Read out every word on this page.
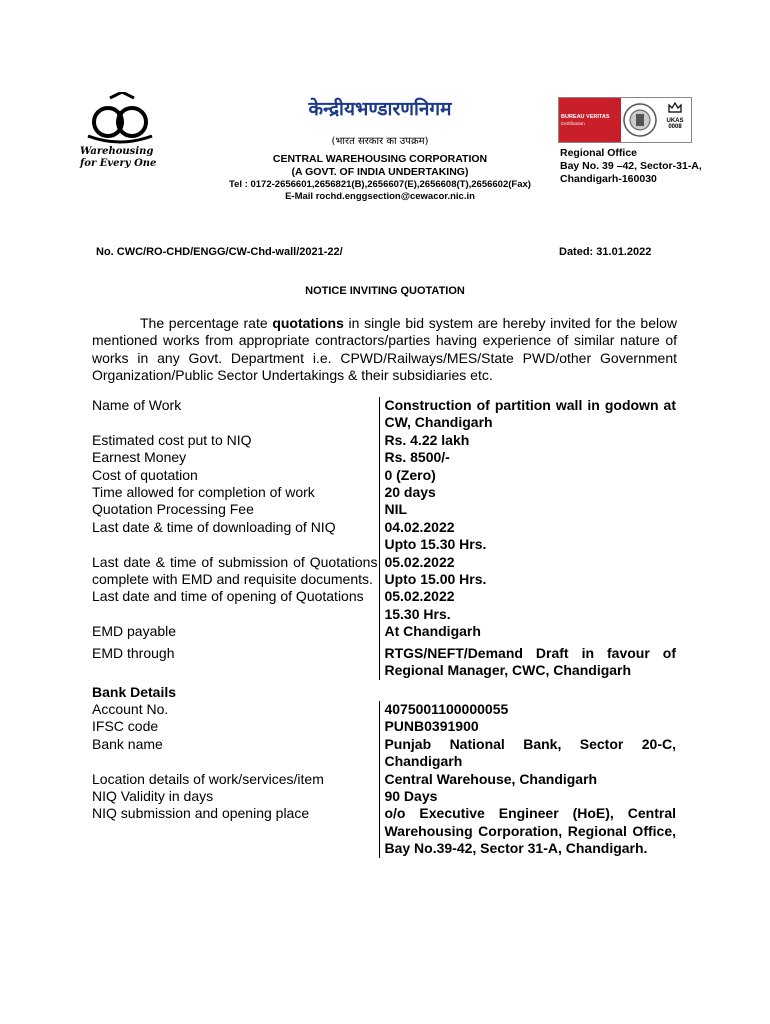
Warehousing
for Every One
केन्द्रीयभण्डारणनिगम
(भारत सरकार का उपक्रम)
CENTRAL WAREHOUSING CORPORATION
(A GOVT. OF INDIA UNDERTAKING)
Tel : 0172-2656601,2656821(B),2656607(E),2656608(T),2656602(Fax)
E-Mail rochd.enggsection@cewacor.nic.in
BUREAU VERITAS
Certification	UKAS
0008
Regional Office
Bay No. 39 –42, Sector-31-A,
Chandigarh-160030
No. CWC/RO-CHD/ENGG/CW-Chd-wall/2021-22/	Dated: 31.01.2022
NOTICE INVITING QUOTATION

The percentage rate quotations in single bid system are hereby invited for the below mentioned works from appropriate contractors/parties having experience of similar nature of works in any Govt. Department i.e. CPWD/Railways/MES/State PWD/other Government Organization/Public Sector Undertakings & their subsidiaries etc.

Name of Work	Construction of partition wall in godown at CW, Chandigarh
Estimated cost put to NIQ	Rs. 4.22 lakh
Earnest Money	Rs. 8500/-
Cost of quotation	0 (Zero)
Time allowed for completion of work	20 days
Quotation Processing Fee	NIL
Last date & time of downloading of NIQ	04.02.2022
Upto 15.30 Hrs.

Last date & time of submission of Quotations complete with EMD and requisite documents.	05.02.2022
Upto 15.00 Hrs.

Last date and time of opening of Quotations	05.02.2022
15.30 Hrs.

EMD payable	At Chandigarh
EMD through	RTGS/NEFT/Demand Draft in favour of Regional Manager, CWC, Chandigarh
Bank Details	
Account No.	4075001100000055
IFSC code	PUNB0391900
Bank name	Punjab National Bank, Sector 20-C, Chandigarh
Location details of work/services/item	Central Warehouse, Chandigarh
NIQ Validity in days	90 Days
NIQ submission and opening place	o/o Executive Engineer (HoE), Central Warehousing Corporation, Regional Office, Bay No.39-42, Sector 31-A, Chandigarh.
